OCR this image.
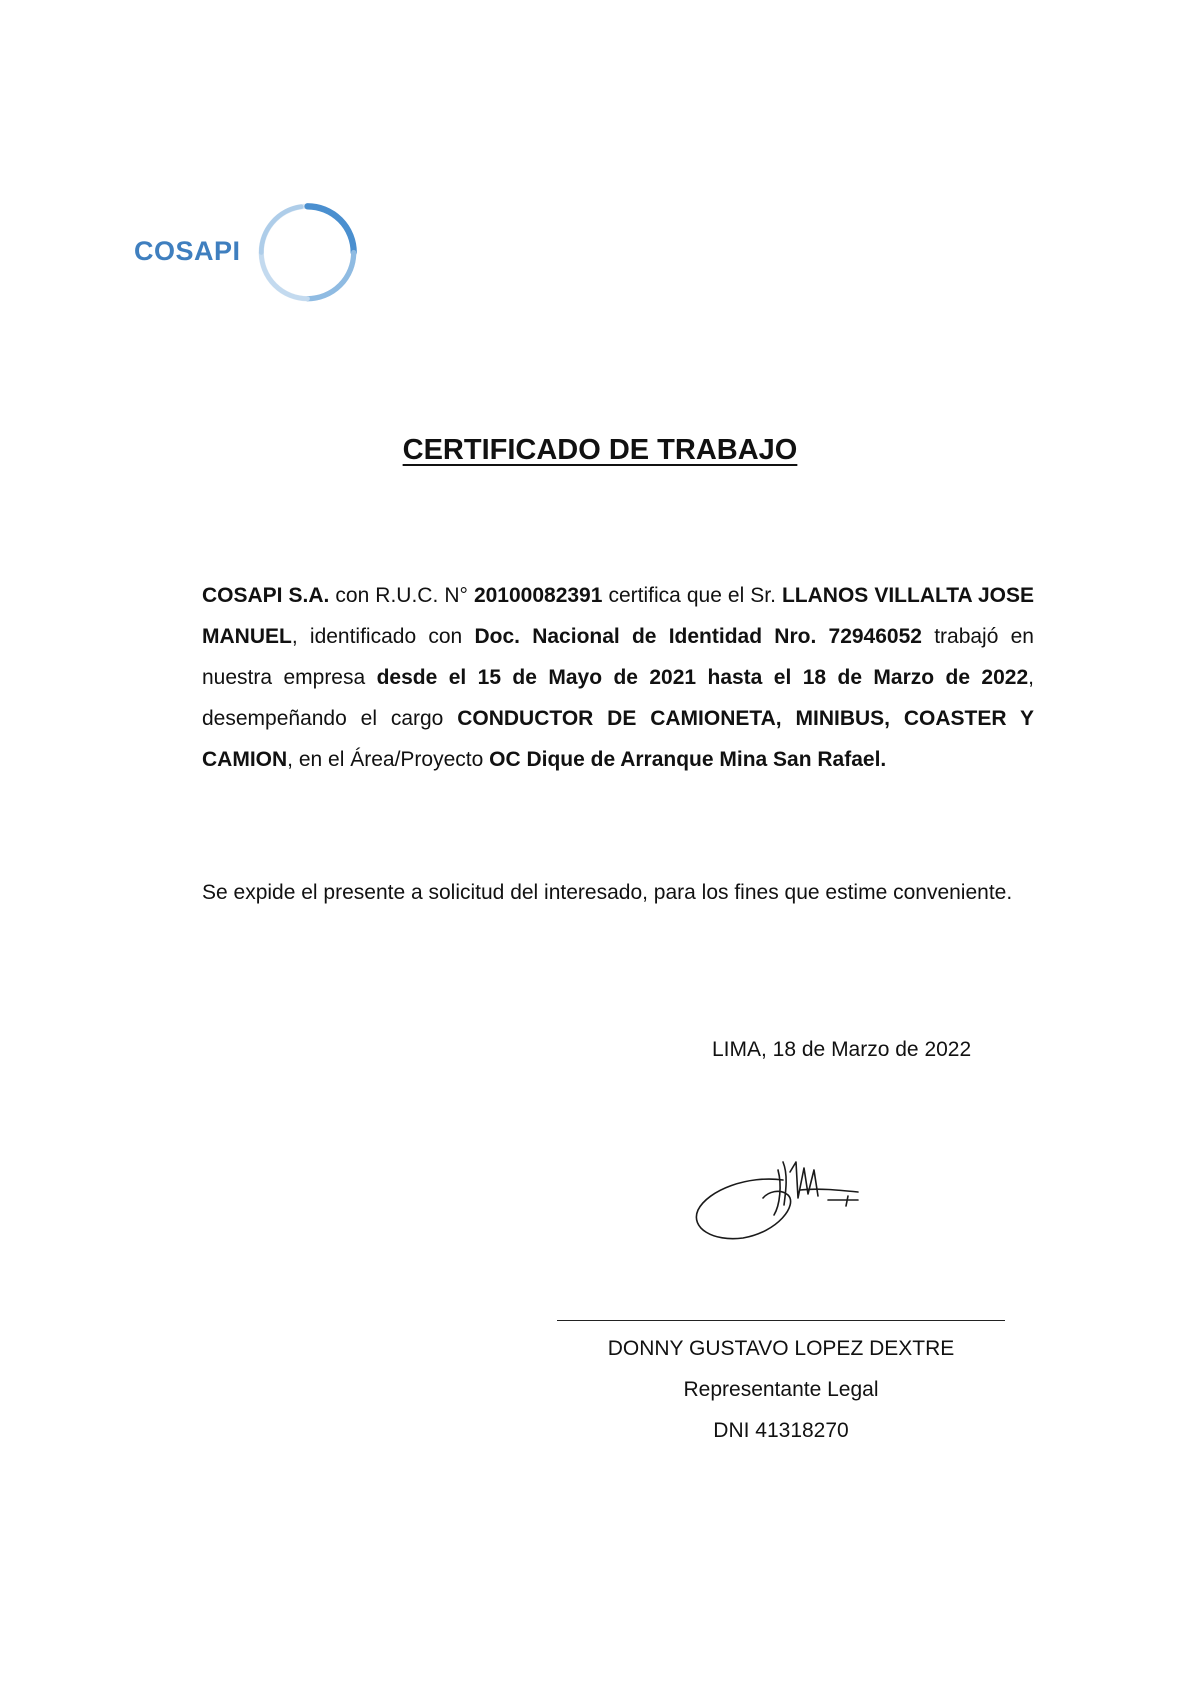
COSAPI
CERTIFICADO DE TRABAJO

COSAPI S.A. con R.U.C. N° 20100082391 certifica que el Sr. LLANOS VILLALTA JOSE MANUEL, identificado con Doc. Nacional de Identidad Nro. 72946052 trabajó en nuestra empresa desde el 15 de Mayo de 2021 hasta el 18 de Marzo de 2022, desempeñando el cargo CONDUCTOR DE CAMIONETA, MINIBUS, COASTER Y CAMION, en el Área/Proyecto OC Dique de Arranque Mina San Rafael.

Se expide el presente a solicitud del interesado, para los fines que estime conveniente.

LIMA, 18 de Marzo de 2022
DONNY GUSTAVO LOPEZ DEXTRE
Representante Legal
DNI 41318270
